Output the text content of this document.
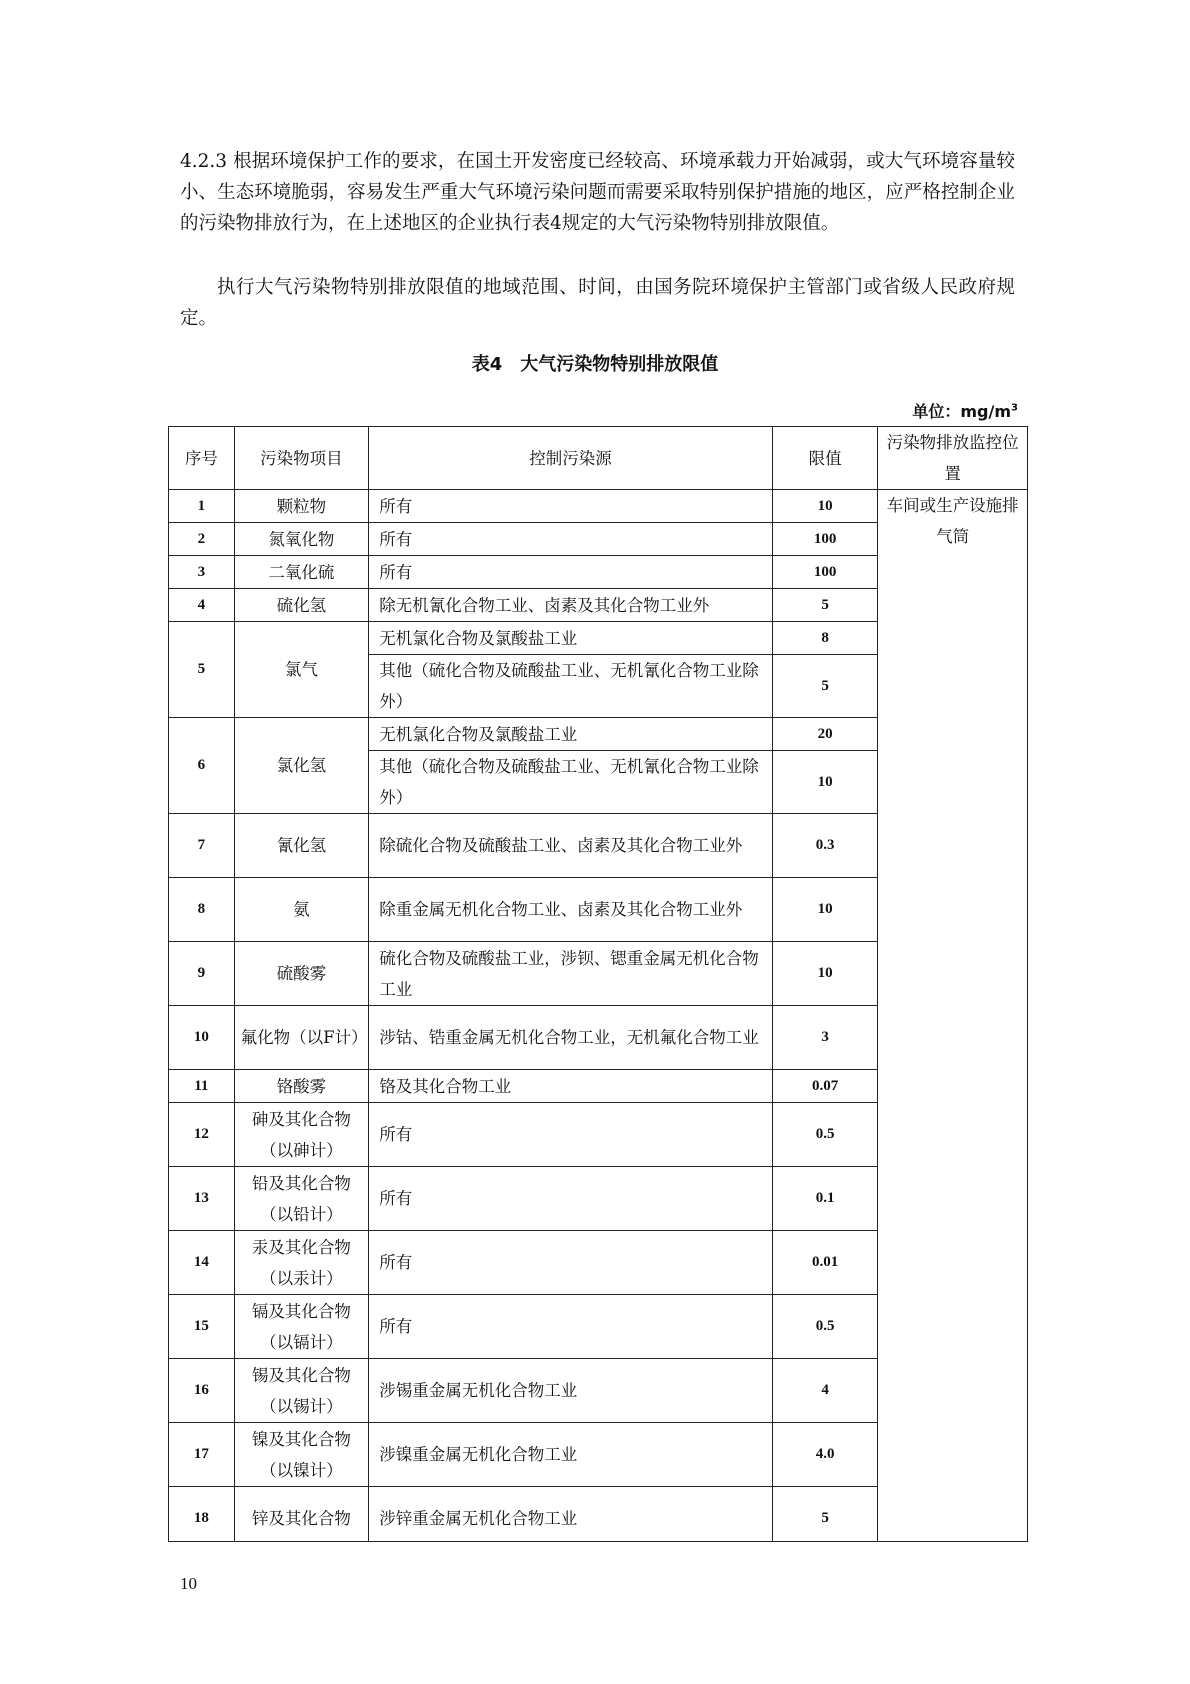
4.2.3 根据环境保护工作的要求，在国土开发密度已经较高、环境承载力开始减弱，或大气环境容量较小、生态环境脆弱，容易发生严重大气环境污染问题而需要采取特别保护措施的地区，应严格控制企业的污染物排放行为，在上述地区的企业执行表4规定的大气污染物特别排放限值。

执行大气污染物特别排放限值的地域范围、时间，由国务院环境保护主管部门或省级人民政府规定。

表4　大气污染物特别排放限值
单位：$mg/m^3$
序号	污染物项目	控制污染源	限值	污染物排放监控位置
1	颗粒物	所有	10	车间或生产设施排气筒
2	氮氧化物	所有	100	
3	二氧化硫	所有	100	
4	硫化氢	除无机氰化合物工业、卤素及其化合物工业外	5	
5	氯气	无机氯化合物及氯酸盐工业	8	
		其他（硫化合物及硫酸盐工业、无机氰化合物工业除外）	5	
6	氯化氢	无机氯化合物及氯酸盐工业	20	
		其他（硫化合物及硫酸盐工业、无机氰化合物工业除外）	10	
7	氰化氢	除硫化合物及硫酸盐工业、卤素及其化合物工业外	0.3	
8	氨	除重金属无机化合物工业、卤素及其化合物工业外	10	
9	硫酸雾	硫化合物及硫酸盐工业，涉钡、锶重金属无机化合物工业	10	
10	氟化物（以F计）	涉钴、锆重金属无机化合物工业，无机氟化合物工业	3	
11	铬酸雾	铬及其化合物工业	0.07	
12	砷及其化合物（以砷计）	所有	0.5	
13	铅及其化合物（以铅计）	所有	0.1	
14	汞及其化合物（以汞计）	所有	0.01	
15	镉及其化合物（以镉计）	所有	0.5	
16	锡及其化合物（以锡计）	涉锡重金属无机化合物工业	4	
17	镍及其化合物（以镍计）	涉镍重金属无机化合物工业	4.0	
18	锌及其化合物	涉锌重金属无机化合物工业	5	

10
